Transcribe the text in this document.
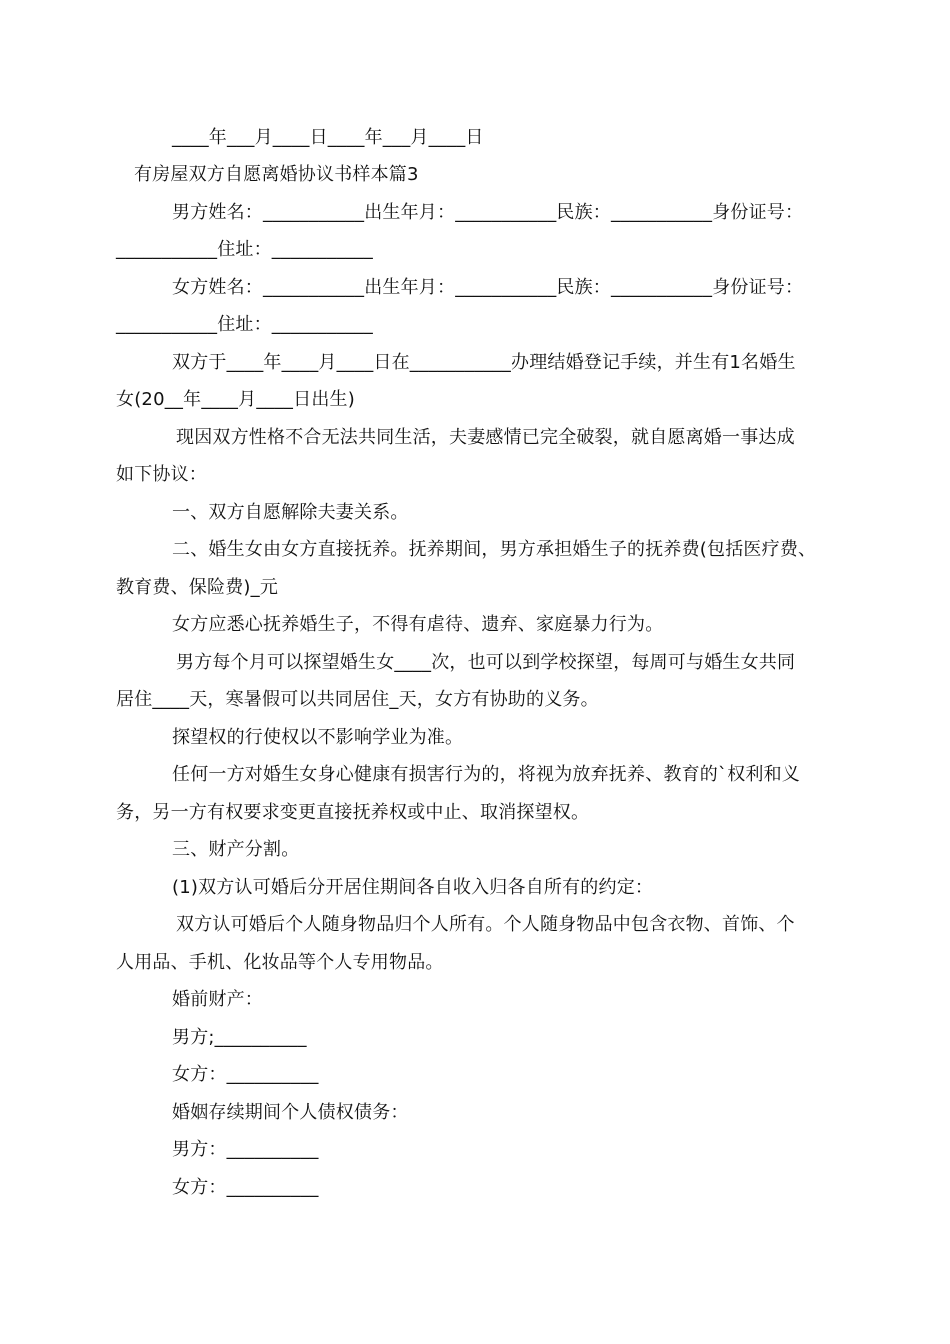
____年___月____日____年___月____日
有房屋双方自愿离婚协议书样本篇3
男方姓名：___________出生年月：___________民族：___________身份证号：
___________住址：___________
女方姓名：___________出生年月：___________民族：___________身份证号：
___________住址：___________
双方于____年____月____日在___________办理结婚登记手续，并生有1名婚生
女(20__年____月____日出生)
现因双方性格不合无法共同生活，夫妻感情已完全破裂，就自愿离婚一事达成
如下协议：
一、双方自愿解除夫妻关系。
二、婚生女由女方直接抚养。抚养期间，男方承担婚生子的抚养费(包括医疗费、
教育费、保险费)_元
女方应悉心抚养婚生子，不得有虐待、遗弃、家庭暴力行为。
男方每个月可以探望婚生女____次，也可以到学校探望，每周可与婚生女共同
居住____天，寒暑假可以共同居住_天，女方有协助的义务。
探望权的行使权以不影响学业为准。
任何一方对婚生女身心健康有损害行为的，将视为放弃抚养、教育的`权利和义
务，另一方有权要求变更直接抚养权或中止、取消探望权。
三、财产分割。
(1)双方认可婚后分开居住期间各自收入归各自所有的约定：
双方认可婚后个人随身物品归个人所有。个人随身物品中包含衣物、首饰、个
人用品、手机、化妆品等个人专用物品。
婚前财产：
男方;__________
女方：__________
婚姻存续期间个人债权债务：
男方：__________
女方：__________
